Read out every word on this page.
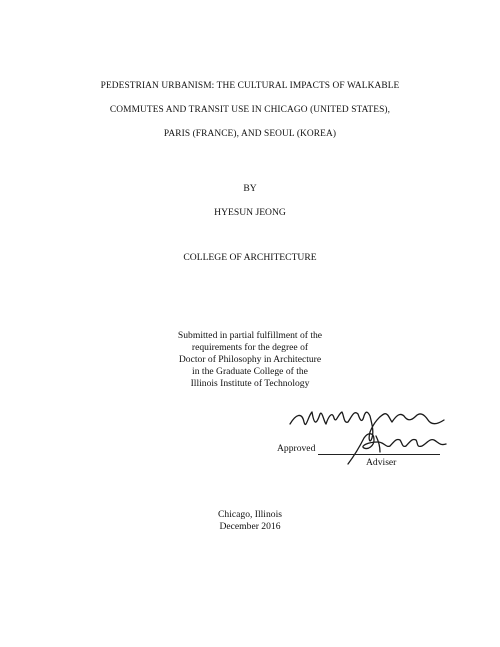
PEDESTRIAN URBANISM: THE CULTURAL IMPACTS OF WALKABLE
COMMUTES AND TRANSIT USE IN CHICAGO (UNITED STATES),
PARIS (FRANCE), AND SEOUL (KOREA)
BY
HYESUN JEONG
COLLEGE OF ARCHITECTURE
Submitted in partial fulfillment of the
requirements for the degree of
Doctor of Philosophy in Architecture
in the Graduate College of the
Illinois Institute of Technology
Approved
Adviser
Chicago, Illinois
December 2016
